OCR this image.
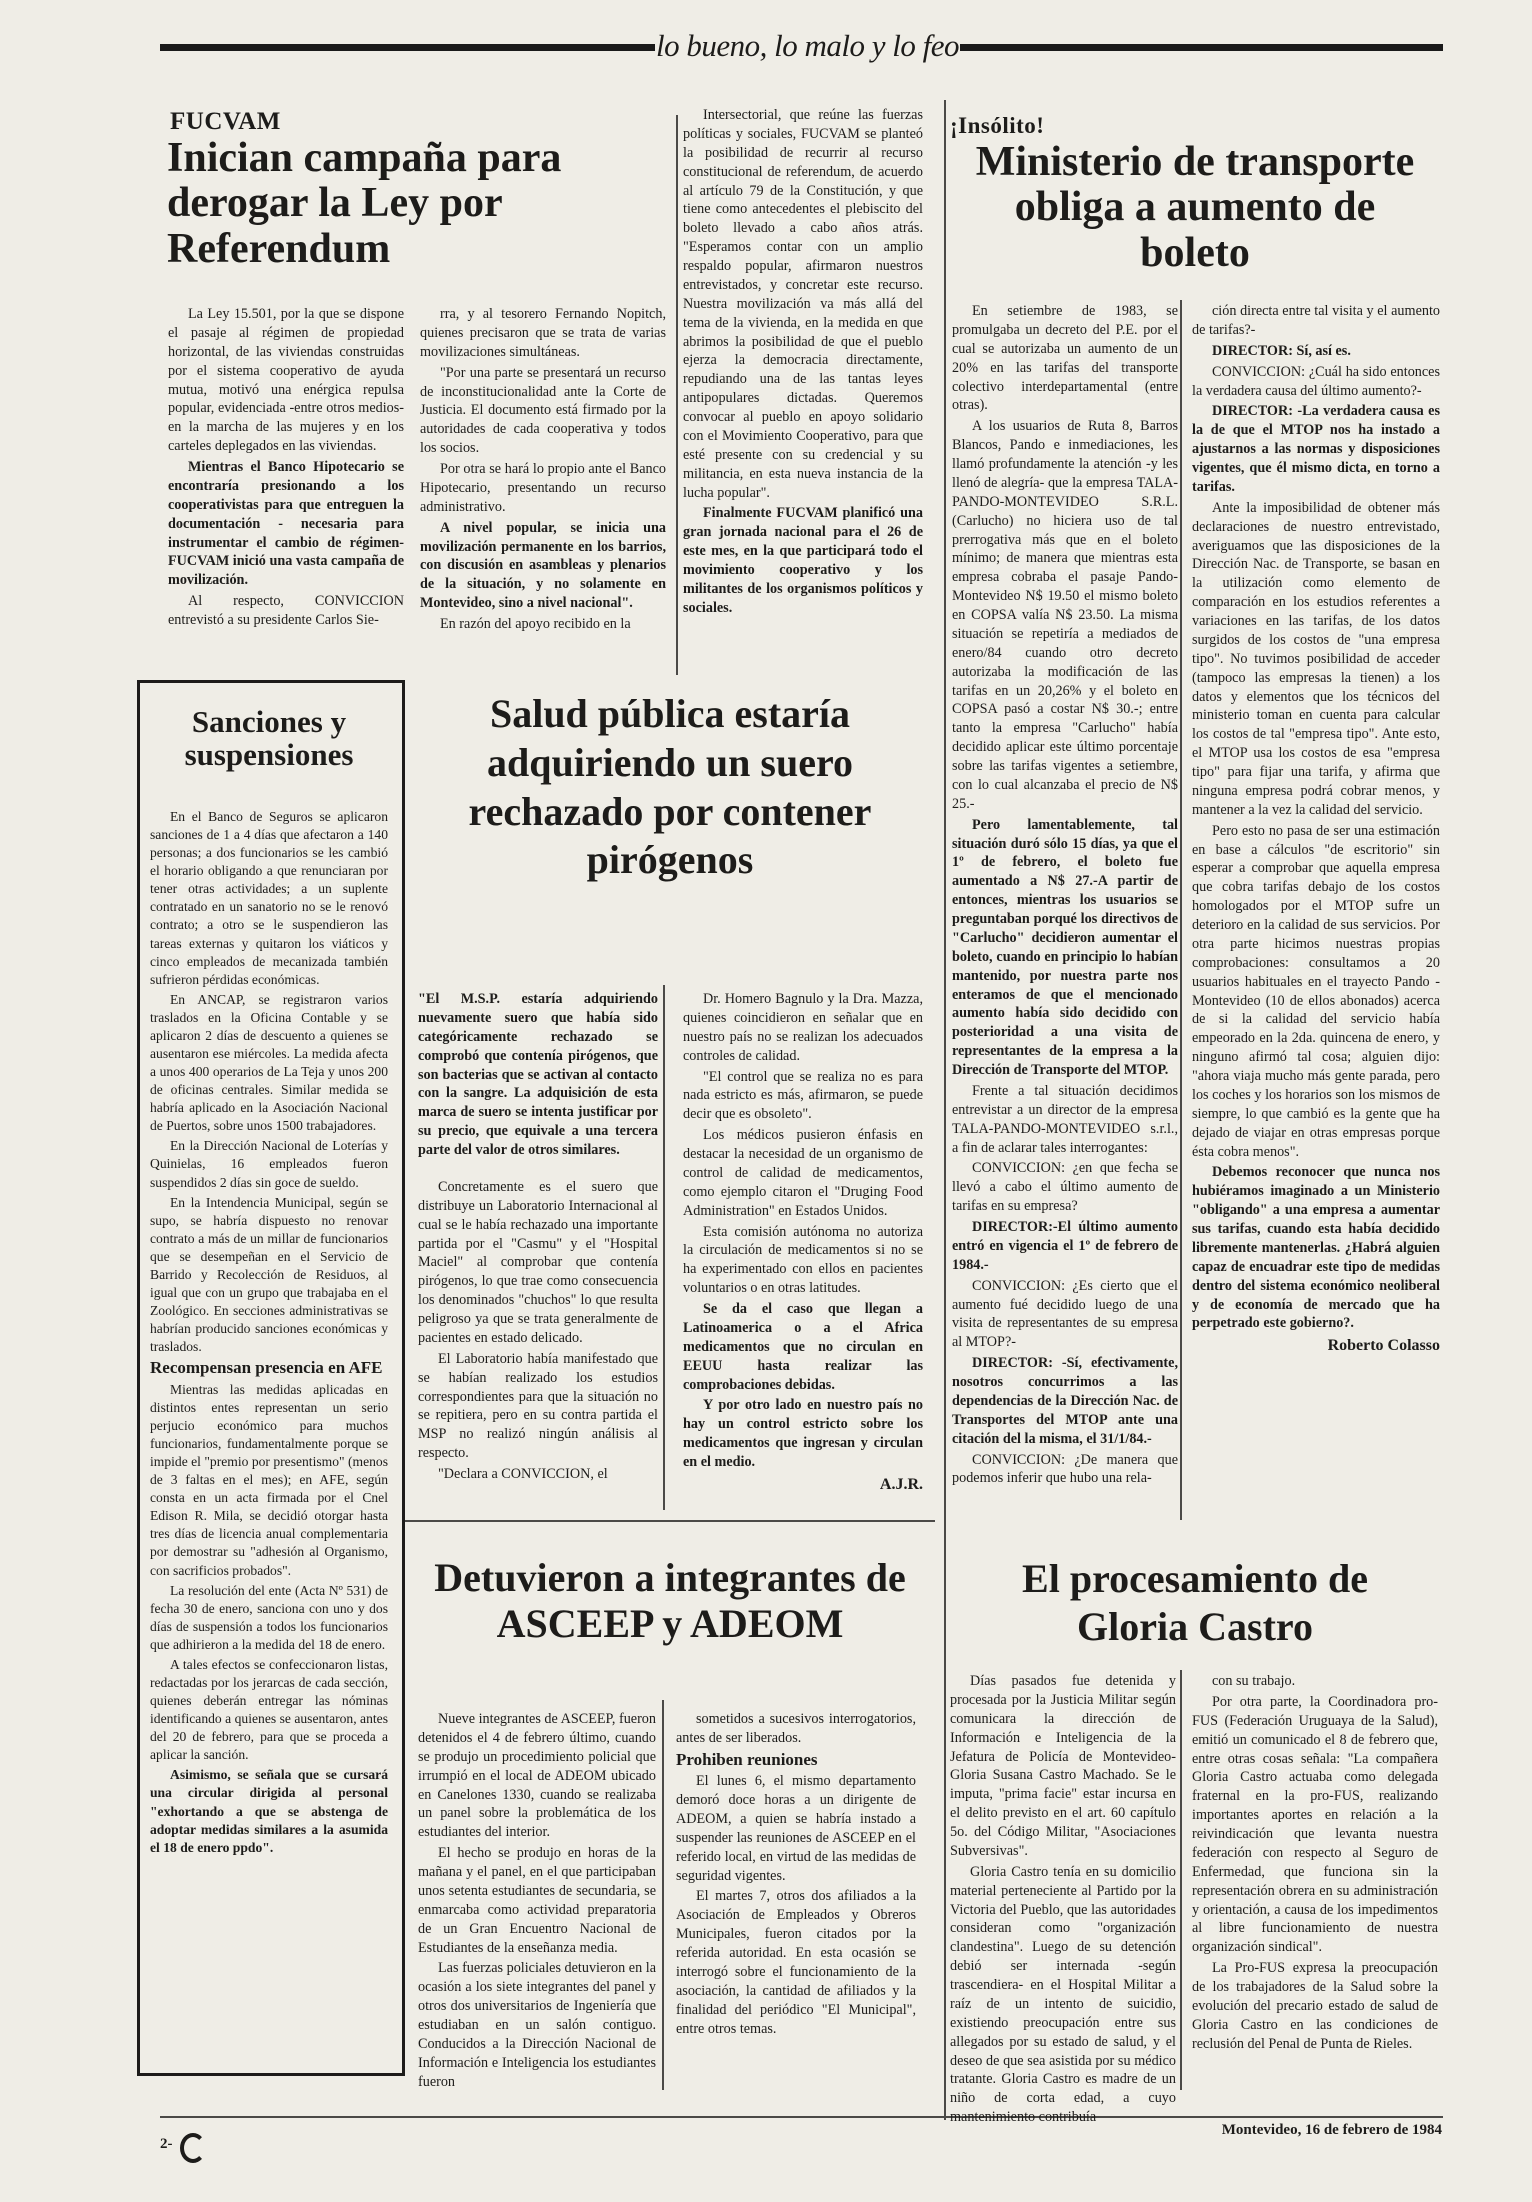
lo bueno, lo malo y lo feo
FUCVAM
Inician campaña para derogar la Ley por Referendum

La Ley 15.501, por la que se dispone el pasaje al régimen de propiedad horizontal, de las viviendas construidas por el sistema cooperativo de ayuda mutua, motivó una enérgica repulsa popular, evidenciada -entre otros medios- en la marcha de las mujeres y en los carteles deplegados en las viviendas.

Mientras el Banco Hipotecario se encontraría presionando a los cooperativistas para que entreguen la documentación - necesaria para instrumentar el cambio de régimen- FUCVAM inició una vasta campaña de movilización.

Al respecto, CONVICCION entrevistó a su presidente Carlos Sie-

rra, y al tesorero Fernando Nopitch, quienes precisaron que se trata de varias movilizaciones simultáneas.

"Por una parte se presentará un recurso de inconstitucionalidad ante la Corte de Justicia. El documento está firmado por la autoridades de cada cooperativa y todos los socios.

Por otra se hará lo propio ante el Banco Hipotecario, presentando un recurso administrativo.

A nivel popular, se inicia una movilización permanente en los barrios, con discusión en asambleas y plenarios de la situación, y no solamente en Montevideo, sino a nivel nacional".

En razón del apoyo recibido en la

Intersectorial, que reúne las fuerzas políticas y sociales, FUCVAM se planteó la posibilidad de recurrir al recurso constitucional de referendum, de acuerdo al artículo 79 de la Constitución, y que tiene como antecedentes el plebiscito del boleto llevado a cabo años atrás. "Esperamos contar con un amplio respaldo popular, afirmaron nuestros entrevistados, y concretar este recurso. Nuestra movilización va más allá del tema de la vivienda, en la medida en que abrimos la posibilidad de que el pueblo ejerza la democracia directamente, repudiando una de las tantas leyes antipopulares dictadas. Queremos convocar al pueblo en apoyo solidario con el Movimiento Cooperativo, para que esté presente con su credencial y su militancia, en esta nueva instancia de la lucha popular".

Finalmente FUCVAM planificó una gran jornada nacional para el 26 de este mes, en la que participará todo el movimiento cooperativo y los militantes de los organismos políticos y sociales.

¡Insólito!
Ministerio de transporte obliga a aumento de boleto

En setiembre de 1983, se promulgaba un decreto del P.E. por el cual se autorizaba un aumento de un 20% en las tarifas del transporte colectivo interdepartamental (entre otras).

A los usuarios de Ruta 8, Barros Blancos, Pando e inmediaciones, les llamó profundamente la atención -y les llenó de alegría- que la empresa TALA-PANDO-MONTEVIDEO S.R.L. (Carlucho) no hiciera uso de tal prerrogativa más que en el boleto mínimo; de manera que mientras esta empresa cobraba el pasaje Pando-Montevideo N$ 19.50 el mismo boleto en COPSA valía N$ 23.50. La misma situación se repetiría a mediados de enero/84 cuando otro decreto autorizaba la modificación de las tarifas en un 20,26% y el boleto en COPSA pasó a costar N$ 30.-; entre tanto la empresa "Carlucho" había decidido aplicar este último porcentaje sobre las tarifas vigentes a setiembre, con lo cual alcanzaba el precio de N$ 25.-

Pero lamentablemente, tal situación duró sólo 15 días, ya que el 1º de febrero, el boleto fue aumentado a N$ 27.-A partir de entonces, mientras los usuarios se preguntaban porqué los directivos de "Carlucho" decidieron aumentar el boleto, cuando en principio lo habían mantenido, por nuestra parte nos enteramos de que el mencionado aumento había sido decidido con posterioridad a una visita de representantes de la empresa a la Dirección de Transporte del MTOP.

Frente a tal situación decidimos entrevistar a un director de la empresa TALA-PANDO-MONTEVIDEO s.r.l., a fin de aclarar tales interrogantes:

CONVICCION: ¿en que fecha se llevó a cabo el último aumento de tarifas en su empresa?

DIRECTOR:-El último aumento entró en vigencia el 1º de febrero de 1984.-

CONVICCION: ¿Es cierto que el aumento fué decidido luego de una visita de representantes de su empresa al MTOP?-

DIRECTOR: -Sí, efectivamente, nosotros concurrimos a las dependencias de la Dirección Nac. de Transportes del MTOP ante una citación del la misma, el 31/1/84.-

CONVICCION: ¿De manera que podemos inferir que hubo una rela-

ción directa entre tal visita y el aumento de tarifas?-

DIRECTOR: Sí, así es.

CONVICCION: ¿Cuál ha sido entonces la verdadera causa del último aumento?-

DIRECTOR: -La verdadera causa es la de que el MTOP nos ha instado a ajustarnos a las normas y disposiciones vigentes, que él mismo dicta, en torno a tarifas.

Ante la imposibilidad de obtener más declaraciones de nuestro entrevistado, averiguamos que las disposiciones de la Dirección Nac. de Transporte, se basan en la utilización como elemento de comparación en los estudios referentes a variaciones en las tarifas, de los datos surgidos de los costos de "una empresa tipo". No tuvimos posibilidad de acceder (tampoco las empresas la tienen) a los datos y elementos que los técnicos del ministerio toman en cuenta para calcular los costos de tal "empresa tipo". Ante esto, el MTOP usa los costos de esa "empresa tipo" para fijar una tarifa, y afirma que ninguna empresa podrá cobrar menos, y mantener a la vez la calidad del servicio.

Pero esto no pasa de ser una estimación en base a cálculos "de escritorio" sin esperar a comprobar que aquella empresa que cobra tarifas debajo de los costos homologados por el MTOP sufre un deterioro en la calidad de sus servicios. Por otra parte hicimos nuestras propias comprobaciones: consultamos a 20 usuarios habituales en el trayecto Pando - Montevideo (10 de ellos abonados) acerca de si la calidad del servicio había empeorado en la 2da. quincena de enero, y ninguno afirmó tal cosa; alguien dijo: "ahora viaja mucho más gente parada, pero los coches y los horarios son los mismos de siempre, lo que cambió es la gente que ha dejado de viajar en otras empresas porque ésta cobra menos".

Debemos reconocer que nunca nos hubiéramos imaginado a un Ministerio "obligando" a una empresa a aumentar sus tarifas, cuando esta había decidido libremente mantenerlas. ¿Habrá alguien capaz de encuadrar este tipo de medidas dentro del sistema económico neoliberal y de economía de mercado que ha perpetrado este gobierno?.

Roberto Colasso

Sanciones y suspensiones

En el Banco de Seguros se aplicaron sanciones de 1 a 4 días que afectaron a 140 personas; a dos funcionarios se les cambió el horario obligando a que renunciaran por tener otras actividades; a un suplente contratado en un sanatorio no se le renovó contrato; a otro se le suspendieron las tareas externas y quitaron los viáticos y cinco empleados de mecanizada también sufrieron pérdidas económicas.

En ANCAP, se registraron varios traslados en la Oficina Contable y se aplicaron 2 días de descuento a quienes se ausentaron ese miércoles. La medida afecta a unos 400 operarios de La Teja y unos 200 de oficinas centrales. Similar medida se habría aplicado en la Asociación Nacional de Puertos, sobre unos 1500 trabajadores.

En la Dirección Nacional de Loterías y Quinielas, 16 empleados fueron suspendidos 2 días sin goce de sueldo.

En la Intendencia Municipal, según se supo, se habría dispuesto no renovar contrato a más de un millar de funcionarios que se desempeñan en el Servicio de Barrido y Recolección de Residuos, al igual que con un grupo que trabajaba en el Zoológico. En secciones administrativas se habrían producido sanciones económicas y traslados.

Recompensan presencia en AFE

Mientras las medidas aplicadas en distintos entes representan un serio perjucio económico para muchos funcionarios, fundamentalmente porque se impide el "premio por presentismo" (menos de 3 faltas en el mes); en AFE, según consta en un acta firmada por el Cnel Edison R. Mila, se decidió otorgar hasta tres días de licencia anual complementaria por demostrar su "adhesión al Organismo, con sacrificios probados".

La resolución del ente (Acta Nº 531) de fecha 30 de enero, sanciona con uno y dos días de suspensión a todos los funcionarios que adhirieron a la medida del 18 de enero.

A tales efectos se confeccionaron listas, redactadas por los jerarcas de cada sección, quienes deberán entregar las nóminas identificando a quienes se ausentaron, antes del 20 de febrero, para que se proceda a aplicar la sanción.

Asimismo, se señala que se cursará una circular dirigida al personal "exhortando a que se abstenga de adoptar medidas similares a la asumida el 18 de enero ppdo".

Salud pública estaría adquiriendo un suero rechazado por contener pirógenos

"El M.S.P. estaría adquiriendo nuevamente suero que había sido categóricamente rechazado se comprobó que contenía pirógenos, que son bacterias que se activan al contacto con la sangre. La adquisición de esta marca de suero se intenta justificar por su precio, que equivale a una tercera parte del valor de otros similares.

Concretamente es el suero que distribuye un Laboratorio Internacional al cual se le había rechazado una importante partida por el "Casmu" y el "Hospital Maciel" al comprobar que contenía pirógenos, lo que trae como consecuencia los denominados "chuchos" lo que resulta peligroso ya que se trata generalmente de pacientes en estado delicado.

El Laboratorio había manifestado que se habían realizado los estudios correspondientes para que la situación no se repitiera, pero en su contra partida el MSP no realizó ningún análisis al respecto.

"Declara a CONVICCION, el

Dr. Homero Bagnulo y la Dra. Mazza, quienes coincidieron en señalar que en nuestro país no se realizan los adecuados controles de calidad.

"El control que se realiza no es para nada estricto es más, afirmaron, se puede decir que es obsoleto".

Los médicos pusieron énfasis en destacar la necesidad de un organismo de control de calidad de medicamentos, como ejemplo citaron el "Druging Food Administration" en Estados Unidos.

Esta comisión autónoma no autoriza la circulación de medicamentos si no se ha experimentado con ellos en pacientes voluntarios o en otras latitudes.

Se da el caso que llegan a Latinoamerica o a el Africa medicamentos que no circulan en EEUU hasta realizar las comprobaciones debidas.

Y por otro lado en nuestro país no hay un control estricto sobre los medicamentos que ingresan y circulan en el medio.

A.J.R.

Detuvieron a integrantes de ASCEEP y ADEOM

Nueve integrantes de ASCEEP, fueron detenidos el 4 de febrero último, cuando se produjo un procedimiento policial que irrumpió en el local de ADEOM ubicado en Canelones 1330, cuando se realizaba un panel sobre la problemática de los estudiantes del interior.

El hecho se produjo en horas de la mañana y el panel, en el que participaban unos setenta estudiantes de secundaria, se enmarcaba como actividad preparatoria de un Gran Encuentro Nacional de Estudiantes de la enseñanza media.

Las fuerzas policiales detuvieron en la ocasión a los siete integrantes del panel y otros dos universitarios de Ingeniería que estudiaban en un salón contiguo. Conducidos a la Dirección Nacional de Información e Inteligencia los estudiantes fueron

sometidos a sucesivos interrogatorios, antes de ser liberados.

Prohiben reuniones

El lunes 6, el mismo departamento demoró doce horas a un dirigente de ADEOM, a quien se habría instado a suspender las reuniones de ASCEEP en el referido local, en virtud de las medidas de seguridad vigentes.

El martes 7, otros dos afiliados a la Asociación de Empleados y Obreros Municipales, fueron citados por la referida autoridad. En esta ocasión se interrogó sobre el funcionamiento de la asociación, la cantidad de afiliados y la finalidad del periódico "El Municipal", entre otros temas.

El procesamiento de Gloria Castro

Días pasados fue detenida y procesada por la Justicia Militar según comunicara la dirección de Información e Inteligencia de la Jefatura de Policía de Montevideo- Gloria Susana Castro Machado. Se le imputa, "prima facie" estar incursa en el delito previsto en el art. 60 capítulo 5o. del Código Militar, "Asociaciones Subversivas".

Gloria Castro tenía en su domicilio material perteneciente al Partido por la Victoria del Pueblo, que las autoridades consideran como "organización clandestina". Luego de su detención debió ser internada -según trascendiera- en el Hospital Militar a raíz de un intento de suicidio, existiendo preocupación entre sus allegados por su estado de salud, y el deseo de que sea asistida por su médico tratante. Gloria Castro es madre de un niño de corta edad, a cuyo mantenimiento contribuía

con su trabajo.

Por otra parte, la Coordinadora pro-FUS (Federación Uruguaya de la Salud), emitió un comunicado el 8 de febrero que, entre otras cosas señala: "La compañera Gloria Castro actuaba como delegada fraternal en la pro-FUS, realizando importantes aportes en relación a la reivindicación que levanta nuestra federación con respecto al Seguro de Enfermedad, que funciona sin la representación obrera en su administración y orientación, a causa de los impedimentos al libre funcionamiento de nuestra organización sindical".

La Pro-FUS expresa la preocupación de los trabajadores de la Salud sobre la evolución del precario estado de salud de Gloria Castro en las condiciones de reclusión del Penal de Punta de Rieles.

2-
Montevideo, 16 de febrero de 1984
